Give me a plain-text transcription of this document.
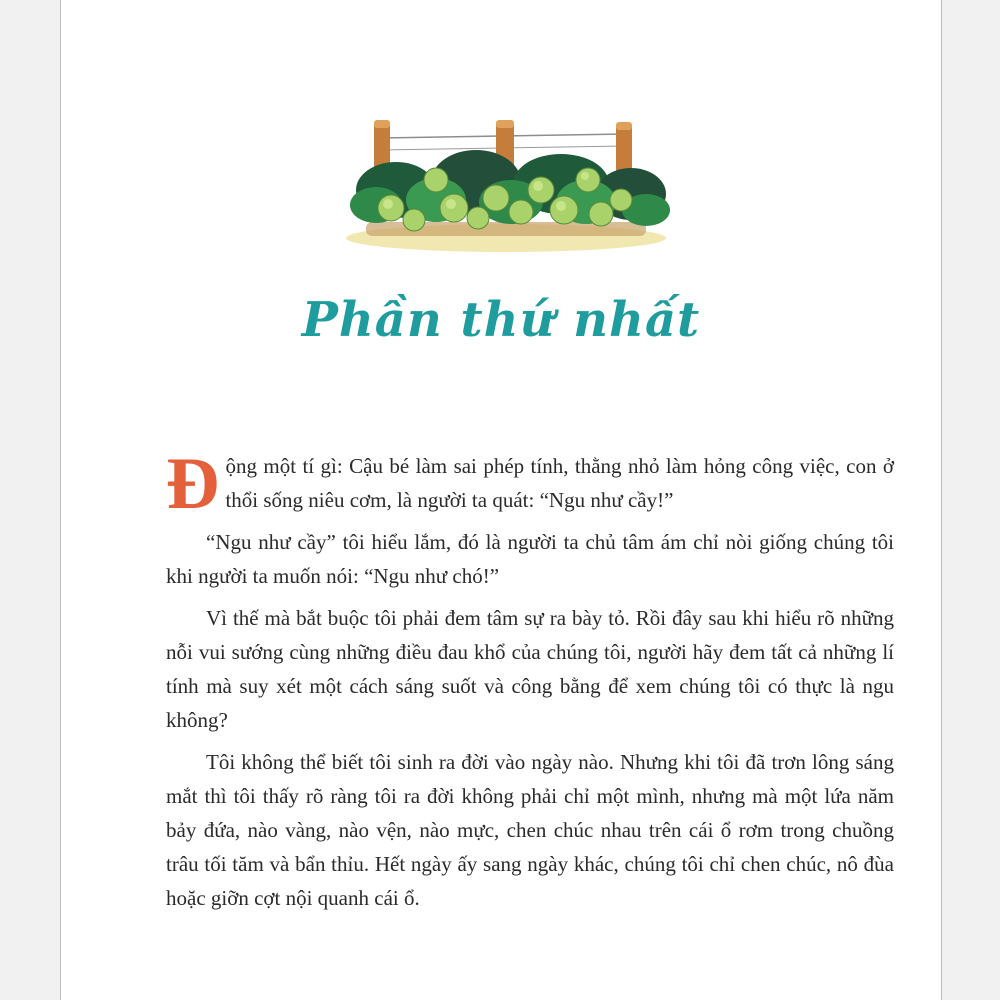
Phần thứ nhất

Động một tí gì: Cậu bé làm sai phép tính, thằng nhỏ làm hỏng công việc, con ở thổi sống niêu cơm, là người ta quát: “Ngu như cầy!”

“Ngu như cầy” tôi hiểu lắm, đó là người ta chủ tâm ám chỉ nòi giống chúng tôi khi người ta muốn nói: “Ngu như chó!”

Vì thế mà bắt buộc tôi phải đem tâm sự ra bày tỏ. Rồi đây sau khi hiểu rõ những nỗi vui sướng cùng những điều đau khổ của chúng tôi, người hãy đem tất cả những lí tính mà suy xét một cách sáng suốt và công bằng để xem chúng tôi có thực là ngu không?

Tôi không thể biết tôi sinh ra đời vào ngày nào. Nhưng khi tôi đã trơn lông sáng mắt thì tôi thấy rõ ràng tôi ra đời không phải chỉ một mình, nhưng mà một lứa năm bảy đứa, nào vàng, nào vện, nào mực, chen chúc nhau trên cái ổ rơm trong chuồng trâu tối tăm và bẩn thỉu. Hết ngày ấy sang ngày khác, chúng tôi chỉ chen chúc, nô đùa hoặc giỡn cợt nội quanh cái ổ.
